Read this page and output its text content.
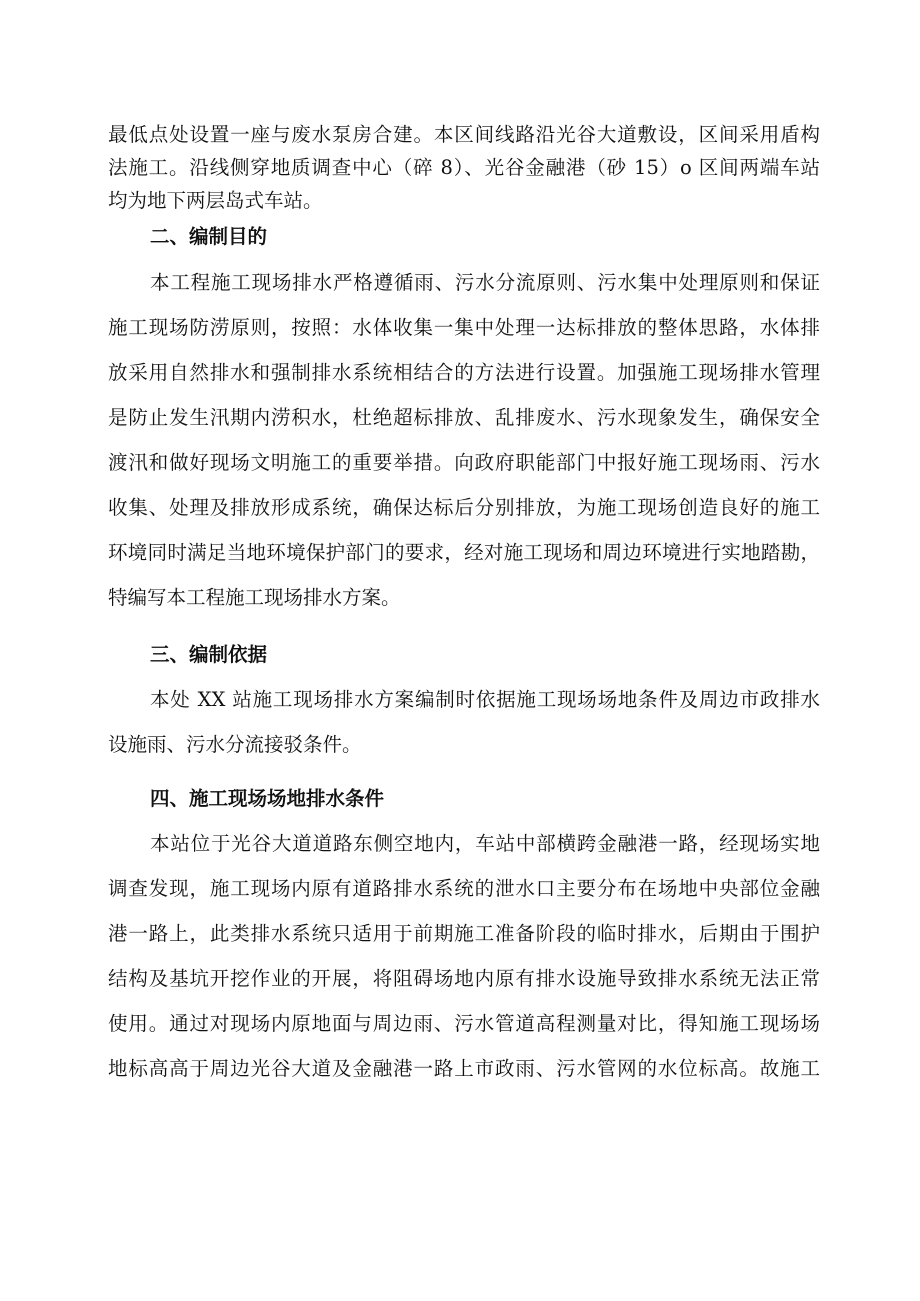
最低点处设置一座与废水泵房合建。本区间线路沿光谷大道敷设，区间采用盾构
法施工。沿线侧穿地质调查中心（碎 8）、光谷金融港（砂 15）o 区间两端车站
均为地下两层岛式车站。
二、编制目的
本工程施工现场排水严格遵循雨、污水分流原则、污水集中处理原则和保证
施工现场防涝原则，按照：水体收集一集中处理一达标排放的整体思路，水体排
放采用自然排水和强制排水系统相结合的方法进行设置。加强施工现场排水管理
是防止发生汛期内涝积水，杜绝超标排放、乱排废水、污水现象发生，确保安全
渡汛和做好现场文明施工的重要举措。向政府职能部门中报好施工现场雨、污水
收集、处理及排放形成系统，确保达标后分别排放，为施工现场创造良好的施工
环境同时满足当地环境保护部门的要求，经对施工现场和周边环境进行实地踏勘，
特编写本工程施工现场排水方案。
三、编制依据
本处 XX 站施工现场排水方案编制时依据施工现场场地条件及周边市政排水
设施雨、污水分流接驳条件。
四、施工现场场地排水条件
本站位于光谷大道道路东侧空地内，车站中部横跨金融港一路，经现场实地
调查发现，施工现场内原有道路排水系统的泄水口主要分布在场地中央部位金融
港一路上，此类排水系统只适用于前期施工准备阶段的临时排水，后期由于围护
结构及基坑开挖作业的开展，将阻碍场地内原有排水设施导致排水系统无法正常
使用。通过对现场内原地面与周边雨、污水管道高程测量对比，得知施工现场场
地标高高于周边光谷大道及金融港一路上市政雨、污水管网的水位标高。故施工
